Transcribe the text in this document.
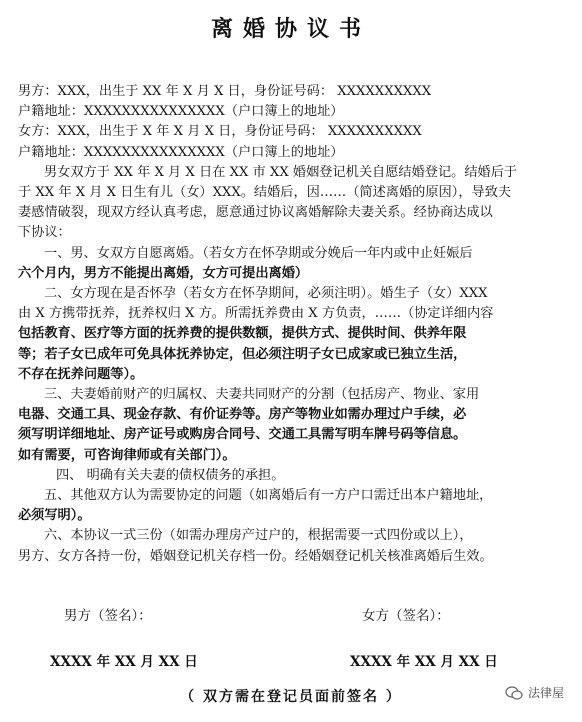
离婚协议书
男方：XXX，出生于 XX 年 X 月 X 日，身份证号码： XXXXXXXXXX
户籍地址：XXXXXXXXXXXXXXX（户口簿上的地址）
女方：XXX，出生于 X 年 X 月 X 日，身份证号码： XXXXXXXXXX
户籍地址：XXXXXXXXXXXXXXX（户口簿上的地址）
男女双方于 XX 年 X 月 X 日在 XX 市 XX 婚姻登记机关自愿结婚登记。结婚后于
于 XX 年 X 月 X 日生有儿（女）XXX。结婚后，因……（简述离婚的原因），导致夫
妻感情破裂，现双方经认真考虑，愿意通过协议离婚解除夫妻关系。经协商达成以
下协议：
一、男、女双方自愿离婚。（若女方在怀孕期或分娩后一年内或中止妊娠后
六个月内，男方不能提出离婚，女方可提出离婚）
二、女方现在是否怀孕（若女方在怀孕期间，必须注明）。婚生子（女）XXX
由 X 方携带抚养，抚养权归 X 方。所需抚养费由 X 方负责，……（协定详细内容
包括教育、医疗等方面的抚养费的提供数额，提供方式、提供时间、供养年限
等；若子女已成年可免具体抚养协定，但必须注明子女已成家或已独立生活，
不存在抚养问题等）。
三、夫妻婚前财产的归属权、夫妻共同财产的分割（包括房产、物业、家用
电器、交通工具、现金存款、有价证券等。房产等物业如需办理过户手续，必
须写明详细地址、房产证号或购房合同号、交通工具需写明车牌号码等信息。
如有需要，可咨询律师或有关部门）。
四、 明确有关夫妻的债权债务的承担。
五、其他双方认为需要协定的问题（如离婚后有一方户口需迁出本户籍地址，
必须写明）。
六、本协议一式三份（如需办理房产过户的，根据需要一式四份或以上），
男方、女方各持一份，婚姻登记机关存档一份。经婚姻登记机关核准离婚后生效。
男方（签名）：	女方（签名）：
XXXX 年 XX 月 XX 日	XXXX 年 XX 月 XX 日
（ 双方需在登记员面前签名 ）	法律屋
